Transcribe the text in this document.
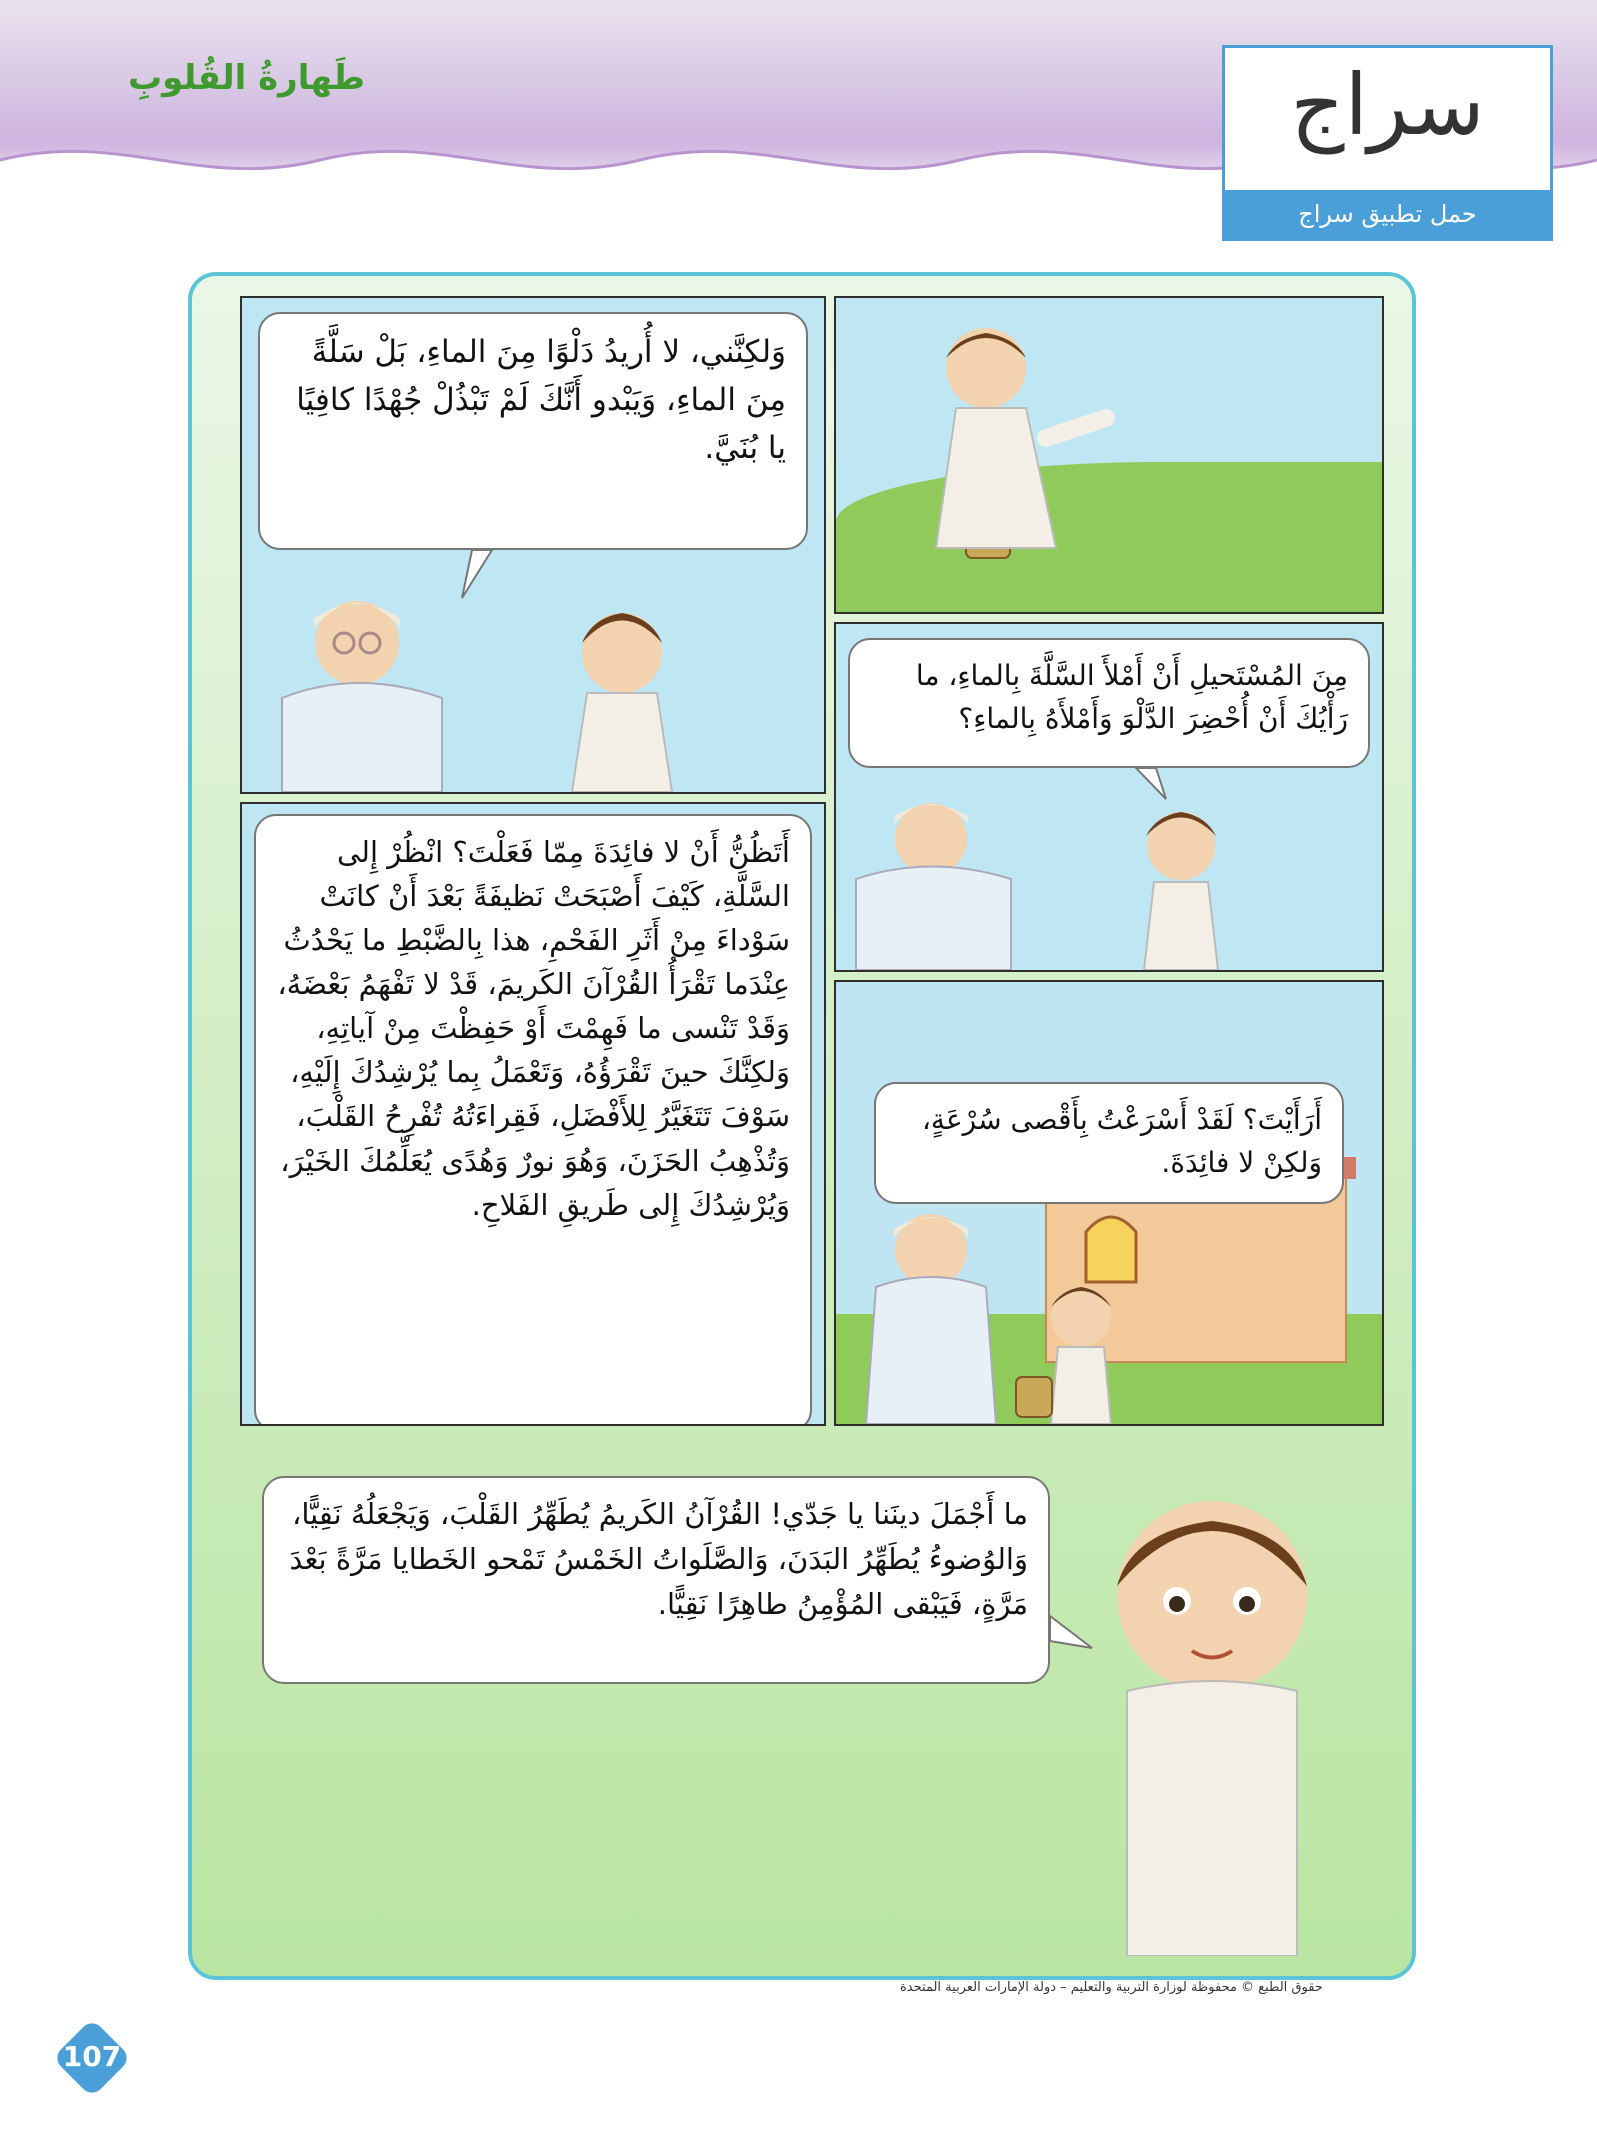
طَهارةُ القُلوبِ	سراج
حمل تطبيق سراج
وَلكِنَّني، لا أُريدُ دَلْوًا مِنَ الماءِ، بَلْ سَلَّةً مِنَ الماءِ، وَيَبْدو أَنَّكَ لَمْ تَبْذُلْ جُهْدًا كافِيًا يا بُنَيَّ.
مِنَ المُسْتَحيلِ أَنْ أَمْلأَ السَّلَّةَ بِالماءِ، ما رَأْيُكَ أَنْ أُحْضِرَ الدَّلْوَ وَأَمْلأَهُ بِالماءِ؟
أَتَظُنُّ أَنْ لا فائِدَةَ مِمّا فَعَلْتَ؟ انْظُرْ إِلى السَّلَّةِ، كَيْفَ أَصْبَحَتْ نَظيفَةً بَعْدَ أَنْ كانَتْ سَوْداءَ مِنْ أَثَرِ الفَحْمِ، هذا بِالضَّبْطِ ما يَحْدُثُ عِنْدَما تَقْرَأُ القُرْآنَ الكَريمَ، قَدْ لا تَفْهَمُ بَعْضَهُ، وَقَدْ تَنْسى ما فَهِمْتَ أَوْ حَفِظْتَ مِنْ آياتِهِ، وَلكِنَّكَ حينَ تَقْرَؤُهُ، وَتَعْمَلُ بِما يُرْشِدُكَ إِلَيْهِ، سَوْفَ تَتَغَيَّرُ لِلأَفْضَلِ، فَقِراءَتُهُ تُفْرِحُ القَلْبَ، وَتُذْهِبُ الحَزَنَ، وَهُوَ نورٌ وَهُدًى يُعَلِّمُكَ الخَيْرَ، وَيُرْشِدُكَ إِلى طَريقِ الفَلاحِ.
أَرَأَيْتَ؟ لَقَدْ أَسْرَعْتُ بِأَقْصى سُرْعَةٍ، وَلكِنْ لا فائِدَةَ.
ما أَجْمَلَ دينَنا يا جَدّي! القُرْآنُ الكَريمُ يُطَهِّرُ القَلْبَ، وَيَجْعَلُهُ نَقِيًّا، وَالوُضوءُ يُطَهِّرُ البَدَنَ، وَالصَّلَواتُ الخَمْسُ تَمْحو الخَطايا مَرَّةً بَعْدَ مَرَّةٍ، فَيَبْقى المُؤْمِنُ طاهِرًا نَقِيًّا.
حقوق الطبع © محفوظة لوزارة التربية والتعليم – دولة الإمارات العربية المتحدة
107
